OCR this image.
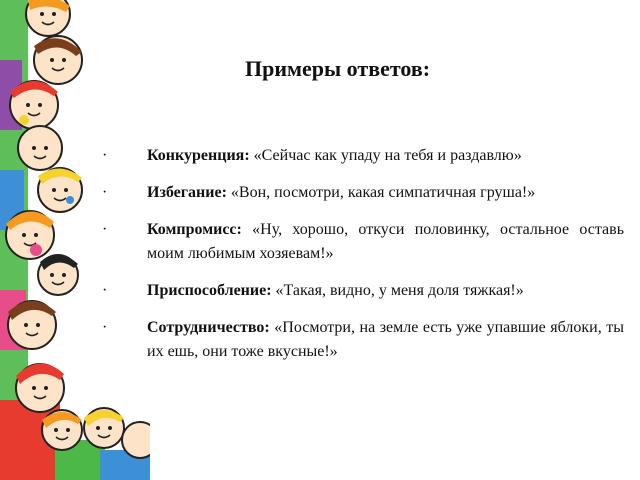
Примеры ответов:
· Конкуренция: «Сейчас как упаду на тебя и раздавлю»
· Избегание: «Вон, посмотри, какая симпатичная груша!»
· Компромисс: «Ну, хорошо, откуси половинку, остальное оставь моим любимым хозяевам!»
· Приспособление: «Такая, видно, у меня доля тяжкая!»
· Сотрудничество: «Посмотри, на земле есть уже упавшие яблоки, ты их ешь, они тоже вкусные!»
